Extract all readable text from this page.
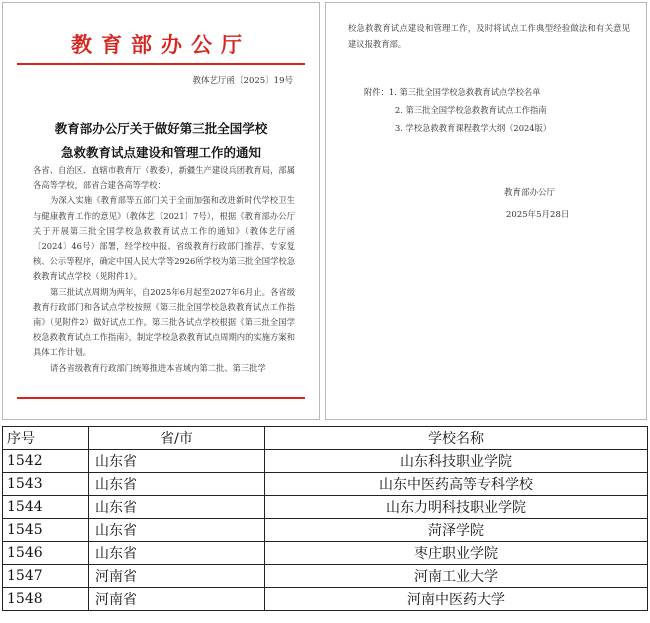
教育部办公厅
教体艺厅函〔2025〕19号
教育部办公厅关于做好第三批全国学校
急救教育试点建设和管理工作的通知

各省、自治区、直辖市教育厅（教委），新疆生产建设兵团教育局，部属各高等学校，部省合建各高等学校：

为深入实施《教育部等五部门关于全面加强和改进新时代学校卫生与健康教育工作的意见》（教体艺〔2021〕7号），根据《教育部办公厅关于开展第三批全国学校急救教育试点工作的通知》（教体艺厅函〔2024〕46号）部署，经学校申报、省级教育行政部门推荐、专家复核、公示等程序，确定中国人民大学等2926所学校为第三批全国学校急救教育试点学校（见附件1）。

第三批试点周期为两年，自2025年6月起至2027年6月止。各省级教育行政部门和各试点学校按照《第三批全国学校急救教育试点工作指南》（见附件2）做好试点工作。第三批各试点学校根据《第三批全国学校急救教育试点工作指南》，制定学校急救教育试点周期内的实施方案和具体工作计划。

请各省级教育行政部门统筹推进本省域内第二批、第三批学

校急救教育试点建设和管理工作，及时将试点工作典型经验做法和有关意见建议报教育部。
附件：1. 第三批全国学校急救教育试点学校名单
2. 第三批全国学校急救教育试点工作指南
3. 学校急救教育课程教学大纲（2024版）
教育部办公厅
2025年5月28日
序号	省/市	学校名称
1542	山东省	山东科技职业学院
1543	山东省	山东中医药高等专科学校
1544	山东省	山东力明科技职业学院
1545	山东省	菏泽学院
1546	山东省	枣庄职业学院
1547	河南省	河南工业大学
1548	河南省	河南中医药大学
